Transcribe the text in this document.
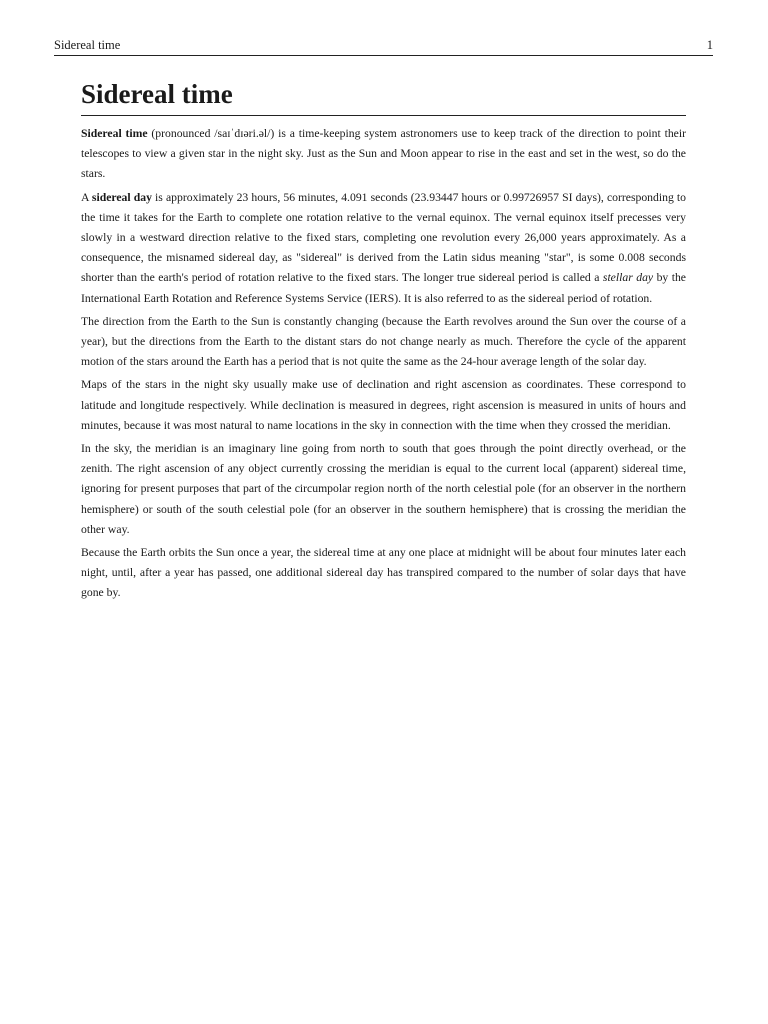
Sidereal time	1
Sidereal time

Sidereal time (pronounced /saɪˈdɪəri.əl/) is a time-keeping system astronomers use to keep track of the direction to point their telescopes to view a given star in the night sky. Just as the Sun and Moon appear to rise in the east and set in the west, so do the stars.

A sidereal day is approximately 23 hours, 56 minutes, 4.091 seconds (23.93447 hours or 0.99726957 SI days), corresponding to the time it takes for the Earth to complete one rotation relative to the vernal equinox. The vernal equinox itself precesses very slowly in a westward direction relative to the fixed stars, completing one revolution every 26,000 years approximately. As a consequence, the misnamed sidereal day, as "sidereal" is derived from the Latin sidus meaning "star", is some 0.008 seconds shorter than the earth's period of rotation relative to the fixed stars. The longer true sidereal period is called a stellar day by the International Earth Rotation and Reference Systems Service (IERS). It is also referred to as the sidereal period of rotation.

The direction from the Earth to the Sun is constantly changing (because the Earth revolves around the Sun over the course of a year), but the directions from the Earth to the distant stars do not change nearly as much. Therefore the cycle of the apparent motion of the stars around the Earth has a period that is not quite the same as the 24-hour average length of the solar day.

Maps of the stars in the night sky usually make use of declination and right ascension as coordinates. These correspond to latitude and longitude respectively. While declination is measured in degrees, right ascension is measured in units of hours and minutes, because it was most natural to name locations in the sky in connection with the time when they crossed the meridian.

In the sky, the meridian is an imaginary line going from north to south that goes through the point directly overhead, or the zenith. The right ascension of any object currently crossing the meridian is equal to the current local (apparent) sidereal time, ignoring for present purposes that part of the circumpolar region north of the north celestial pole (for an observer in the northern hemisphere) or south of the south celestial pole (for an observer in the southern hemisphere) that is crossing the meridian the other way.

Because the Earth orbits the Sun once a year, the sidereal time at any one place at midnight will be about four minutes later each night, until, after a year has passed, one additional sidereal day has transpired compared to the number of solar days that have gone by.
